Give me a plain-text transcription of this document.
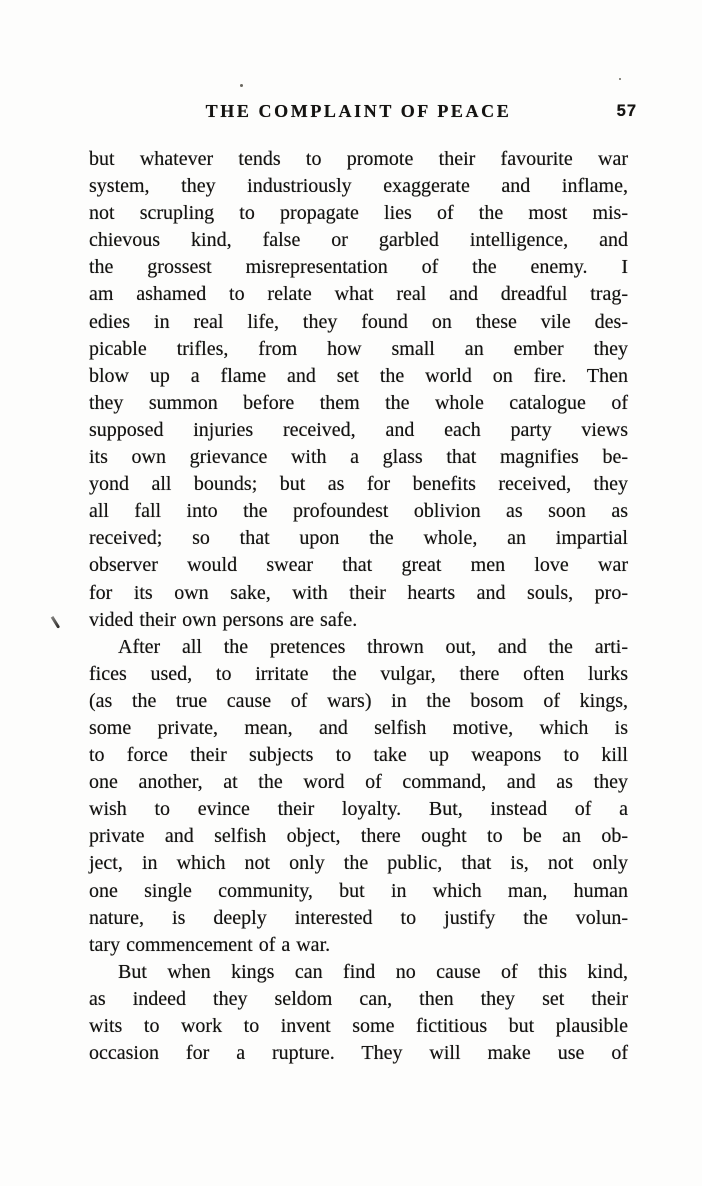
THE COMPLAINT OF PEACE	57
but whatever tends to promote their favourite war
system, they industriously exaggerate and inflame,
not scrupling to propagate lies of the most mis-
chievous kind, false or garbled intelligence, and
the grossest misrepresentation of the enemy. I
am ashamed to relate what real and dreadful trag-
edies in real life, they found on these vile des-
picable trifles, from how small an ember they
blow up a flame and set the world on fire. Then
they summon before them the whole catalogue of
supposed injuries received, and each party views
its own grievance with a glass that magnifies be-
yond all bounds; but as for benefits received, they
all fall into the profoundest oblivion as soon as
received; so that upon the whole, an impartial
observer would swear that great men love war
for its own sake, with their hearts and souls, pro-
vided their own persons are safe.
After all the pretences thrown out, and the arti-
fices used, to irritate the vulgar, there often lurks
(as the true cause of wars) in the bosom of kings,
some private, mean, and selfish motive, which is
to force their subjects to take up weapons to kill
one another, at the word of command, and as they
wish to evince their loyalty. But, instead of a
private and selfish object, there ought to be an ob-
ject, in which not only the public, that is, not only
one single community, but in which man, human
nature, is deeply interested to justify the volun-
tary commencement of a war.
But when kings can find no cause of this kind,
as indeed they seldom can, then they set their
wits to work to invent some fictitious but plausible
occasion for a rupture. They will make use of
